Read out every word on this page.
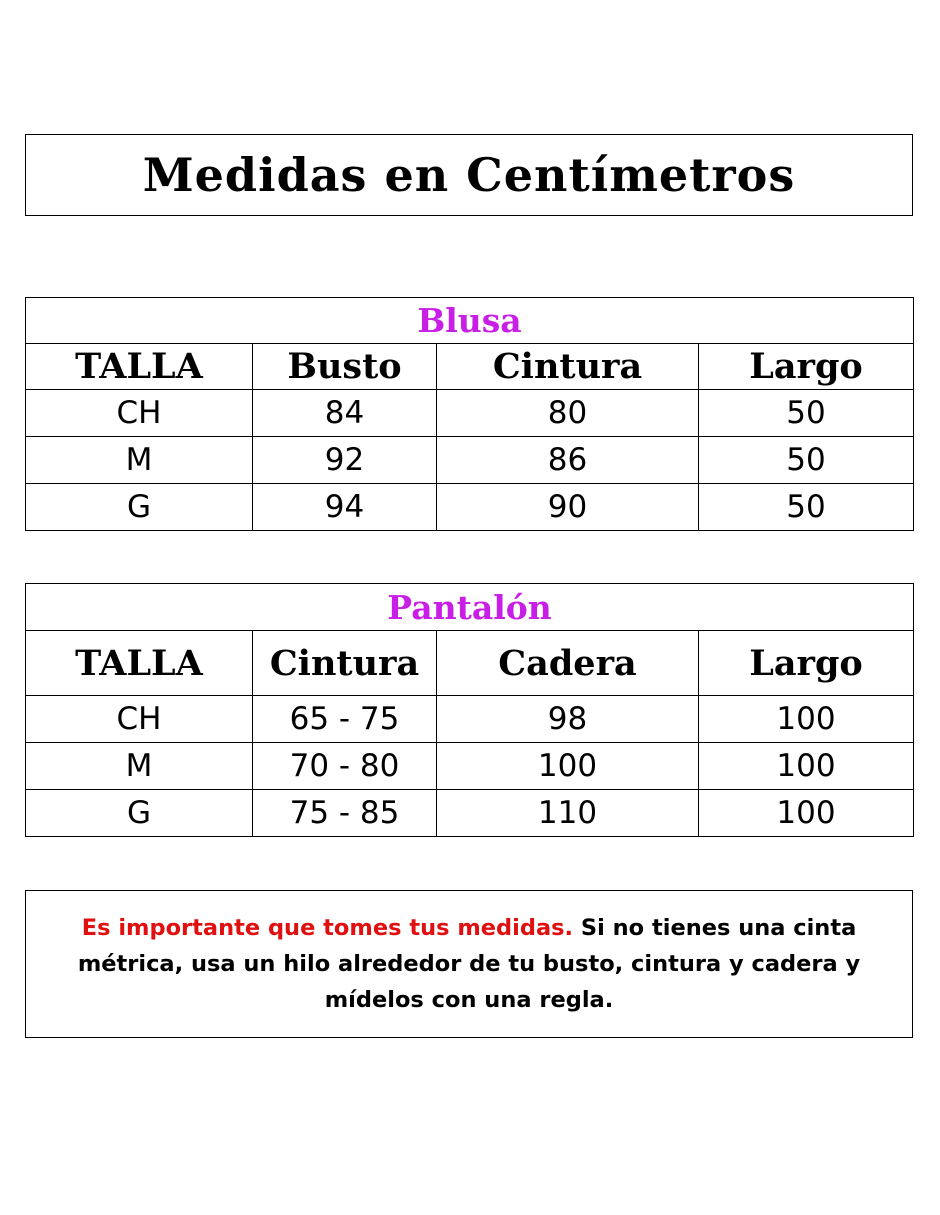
Medidas en Centímetros
Blusa			
TALLA	Busto	Cintura	Largo
CH	84	80	50
M	92	86	50
G	94	90	50
Pantalón			
TALLA	Cintura	Cadera	Largo
CH	65 - 75	98	100
M	70 - 80	100	100
G	75 - 85	110	100

Es importante que tomes tus medidas. Si no tienes una cinta métrica, usa un hilo alrededor de tu busto, cintura y cadera y mídelos con una regla.
